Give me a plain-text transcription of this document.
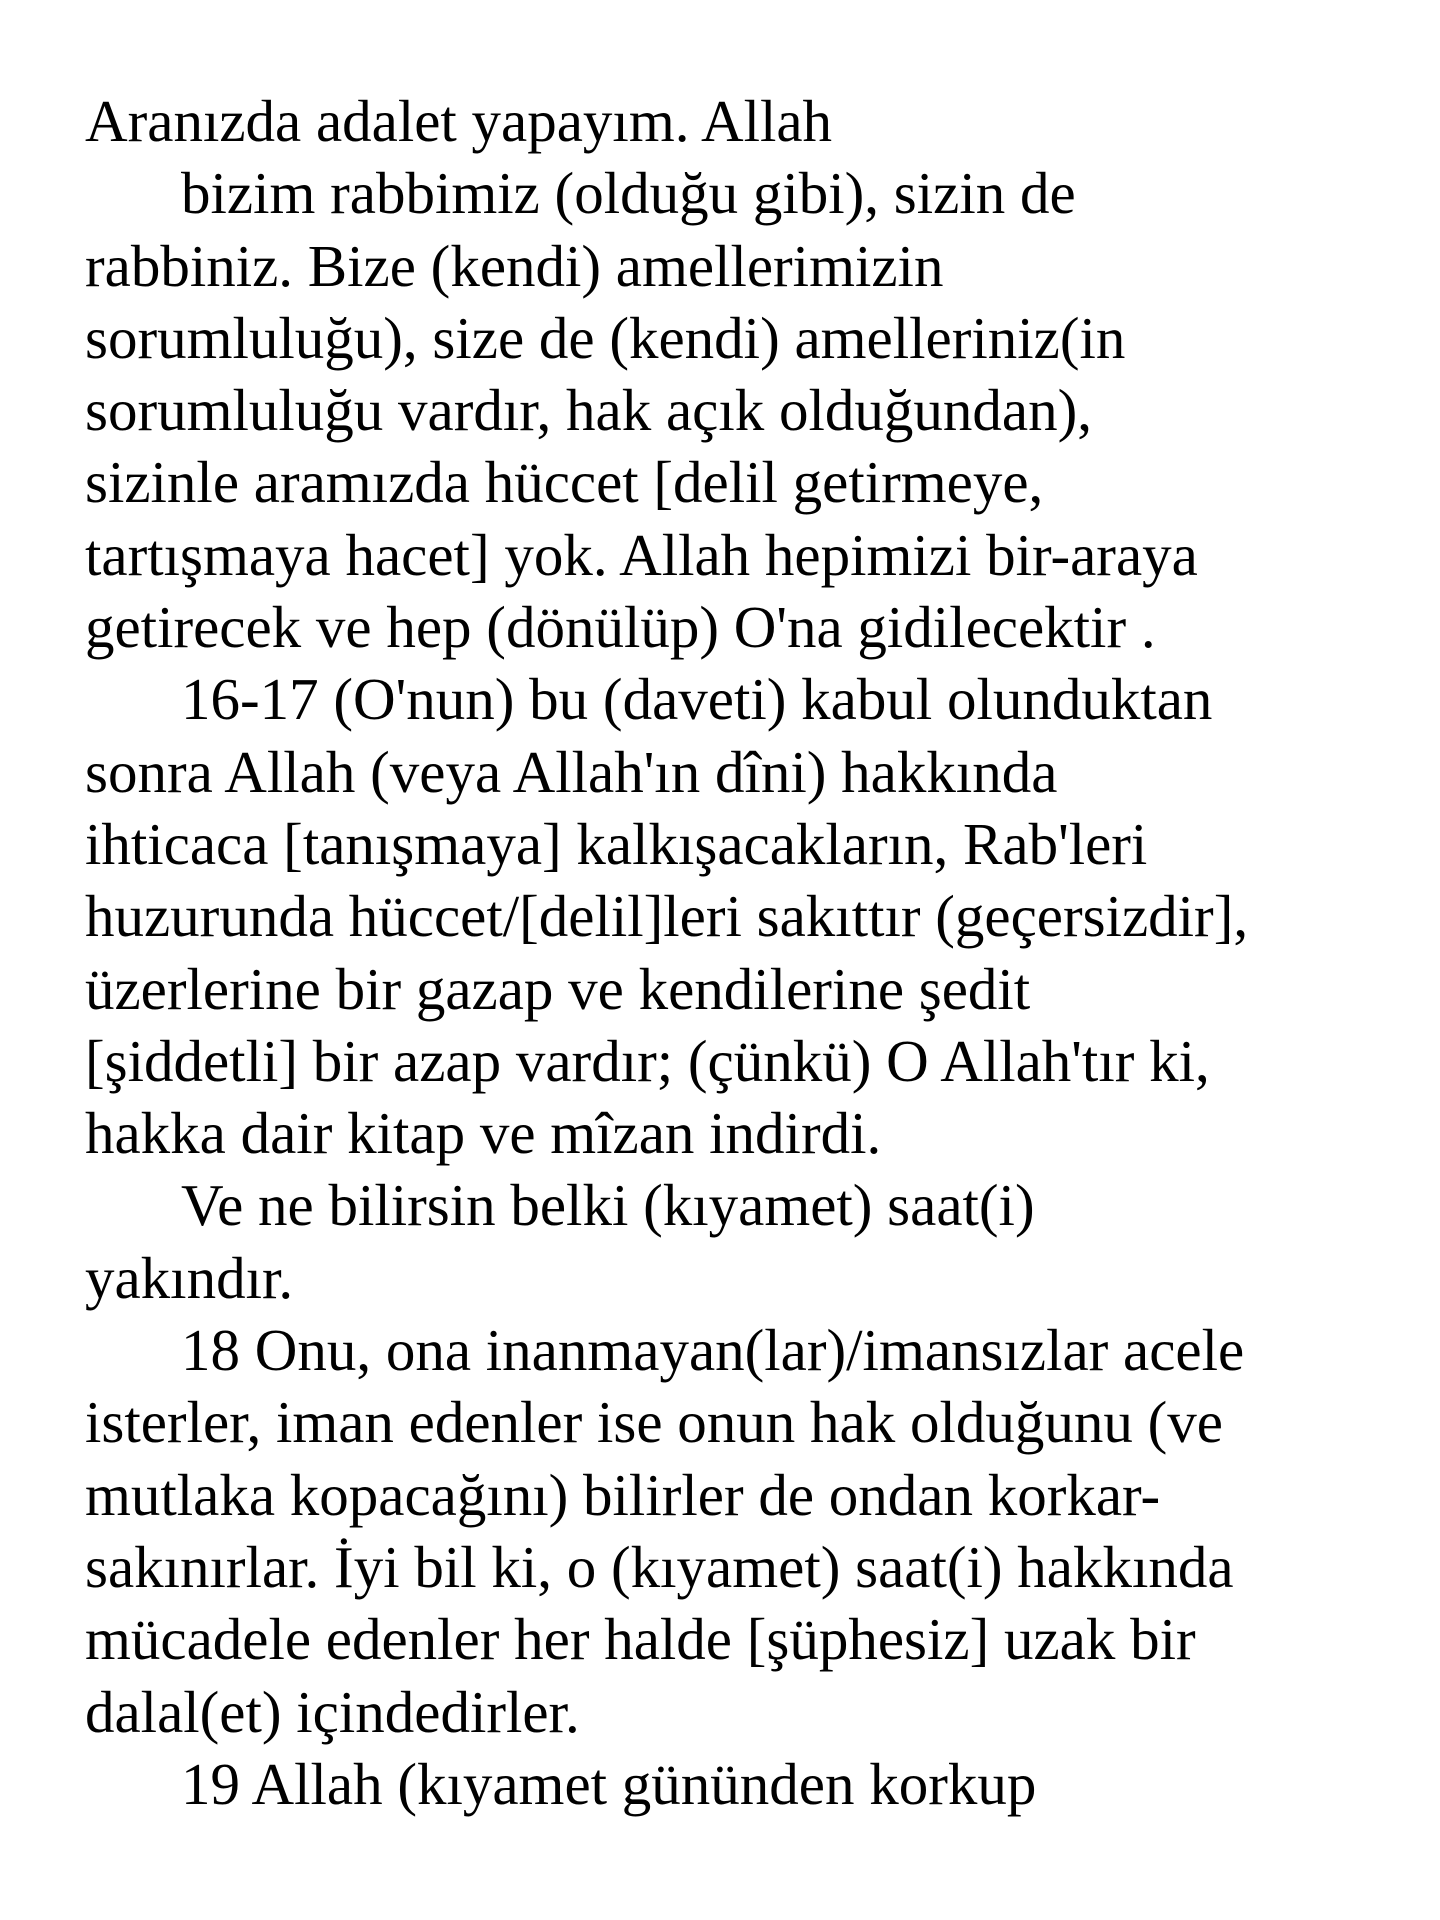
Aranızda adalet yapayım. Allah
bizim rabbimiz (olduğu gibi), sizin de
rabbiniz. Bize (kendi) amellerimizin
sorumluluğu), size de (kendi) amelleriniz(in
sorumluluğu vardır, hak açık olduğundan),
sizinle aramızda hüccet [delil getirmeye,
tartışmaya hacet] yok. Allah hepimizi bir-araya
getirecek ve hep (dönülüp) O'na gidilecektir .
16-17 (O'nun) bu (daveti) kabul olunduktan
sonra Allah (veya Allah'ın dîni) hakkında
ihticaca [tanışmaya] kalkışacakların, Rab'leri
huzurunda hüccet/[delil]leri sakıttır (geçersizdir],
üzerlerine bir gazap ve kendilerine şedit
[şiddetli] bir azap vardır; (çünkü) O Allah'tır ki,
hakka dair kitap ve mîzan indirdi.
Ve ne bilirsin belki (kıyamet) saat(i)
yakındır.
18 Onu, ona inanmayan(lar)/imansızlar acele
isterler, iman edenler ise onun hak olduğunu (ve
mutlaka kopacağını) bilirler de ondan korkar-
sakınırlar. İyi bil ki, o (kıyamet) saat(i) hakkında
mücadele edenler her halde [şüphesiz] uzak bir
dalal(et) içindedirler.
19 Allah (kıyamet gününden korkup
